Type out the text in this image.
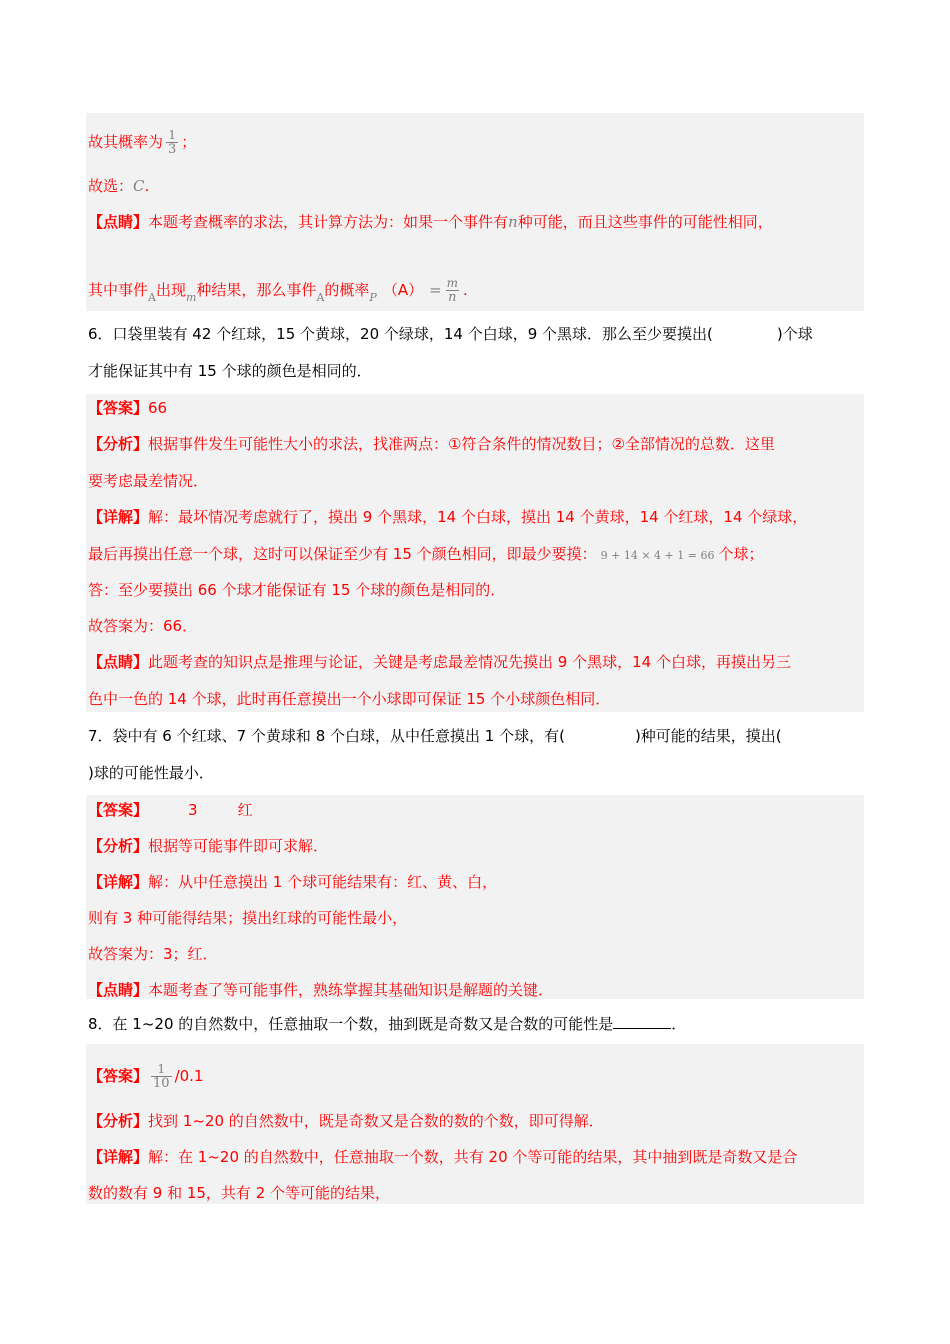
故其概率为 $\frac{1}{3}$ ；
故选：C.
【点睛】本题考查概率的求法，其计算方法为：如果一个事件有n种可能，而且这些事件的可能性相同，
其中事件$_A$出现$_m$种结果，那么事件$_A$的概率$_P$ $(A) = \frac{m}{n}$ .
6．口袋里装有 42 个红球，15 个黄球，20 个绿球，14 个白球，9 个黑球．那么至少要摸出(	)个球
才能保证其中有 15 个球的颜色是相同的．
【答案】66
【分析】根据事件发生可能性大小的求法，找准两点：①符合条件的情况数目；②全部情况的总数．这里
要考虑最差情况．
【详解】解：最坏情况考虑就行了，摸出 9 个黑球，14 个白球，摸出 14 个黄球，14 个红球，14 个绿球，
最后再摸出任意一个球，这时可以保证至少有 15 个颜色相同，即最少要摸： 9 + 14 × 4 + 1 = 66 个球；
答：至少要摸出 66 个球才能保证有 15 个球的颜色是相同的．
故答案为：66．
【点睛】此题考查的知识点是推理与论证，关键是考虑最差情况先摸出 9 个黑球，14 个白球，再摸出另三
色中一色的 14 个球，此时再任意摸出一个小球即可保证 15 个小球颜色相同．
7．袋中有 6 个红球、7 个黄球和 8 个白球，从中任意摸出 1 个球，有(	)种可能的结果，摸出(
)球的可能性最小．
【答案】	3	红
【分析】根据等可能事件即可求解．
【详解】解：从中任意摸出 1 个球可能结果有：红、黄、白，
则有 3 种可能得结果；摸出红球的可能性最小，
故答案为：3；红．
【点睛】本题考查了等可能事件，熟练掌握其基础知识是解题的关键．
8．在 1~20 的自然数中，任意抽取一个数，抽到既是奇数又是合数的可能性是	．
【答案】 $\frac{1}{10} /0.1$
【分析】找到 1~20 的自然数中，既是奇数又是合数的数的个数，即可得解．
【详解】解：在 1~20 的自然数中，任意抽取一个数，共有 20 个等可能的结果，其中抽到既是奇数又是合
数的数有 9 和 15，共有 2 个等可能的结果，
